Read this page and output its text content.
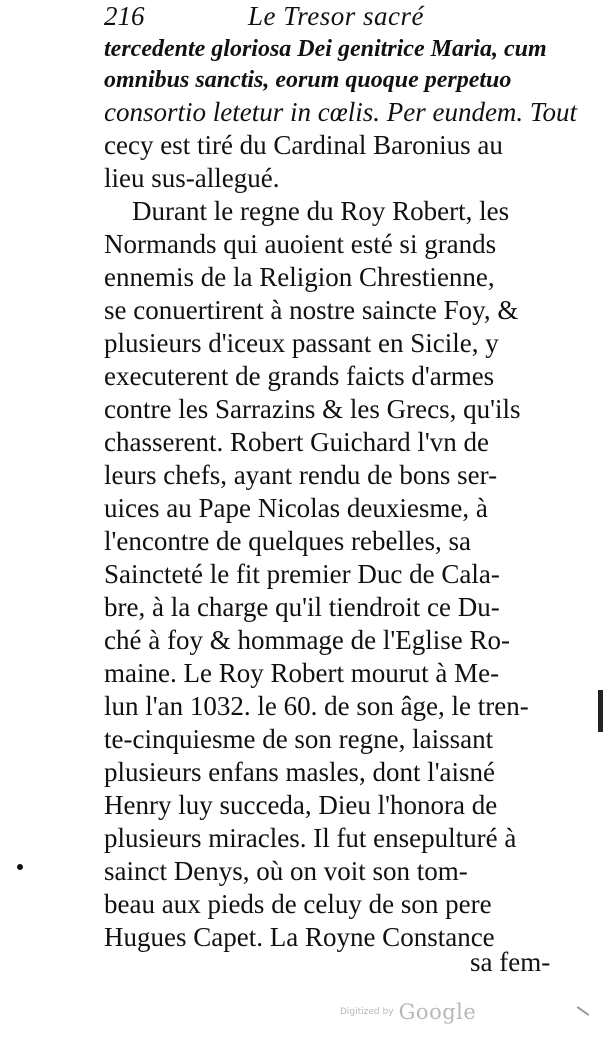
216	Le Tresor sacré
tercedente gloriosa Dei genitrice Maria, cum
omnibus sanctis, eorum quoque perpetuo
consortio letetur in cœlis. Per eundem. Tout
cecy est tiré du Cardinal Baronius au
lieu sus-allegué.
Durant le regne du Roy Robert, les
Normands qui auoient esté si grands
ennemis de la Religion Chrestienne,
se conuertirent à nostre saincte Foy, &
plusieurs d'iceux passant en Sicile, y
executerent de grands faicts d'armes
contre les Sarrazins & les Grecs, qu'ils
chasserent. Robert Guichard l'vn de
leurs chefs, ayant rendu de bons ser-
uices au Pape Nicolas deuxiesme, à
l'encontre de quelques rebelles, sa
Saincteté le fit premier Duc de Cala-
bre, à la charge qu'il tiendroit ce Du-
ché à foy & hommage de l'Eglise Ro-
maine. Le Roy Robert mourut à Me-
lun l'an 1032. le 60. de son âge, le tren-
te-cinquiesme de son regne, laissant
plusieurs enfans masles, dont l'aisné
Henry luy succeda, Dieu l'honora de
plusieurs miracles. Il fut ensepulturé à
sainct Denys, où on voit son tom-
beau aux pieds de celuy de son pere
Hugues Capet. La Royne Constance
sa fem-
Digitized by Google
